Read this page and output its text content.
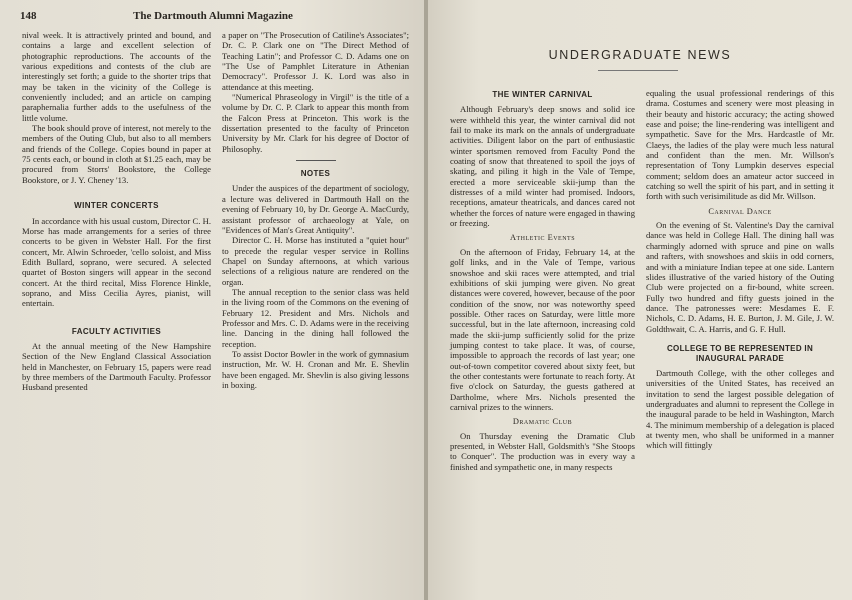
148	The Dartmouth Alumni Magazine

nival week. It is attractively printed and bound, and contains a large and excellent selection of photographic reproductions. The accounts of the various expeditions and contests of the club are interestingly set forth; a guide to the shorter trips that may be taken in the vicinity of the College is conveniently included; and an article on camping paraphernalia further adds to the usefulness of the little volume.

The book should prove of interest, not merely to the members of the Outing Club, but also to all members and friends of the College. Copies bound in paper at 75 cents each, or bound in cloth at $1.25 each, may be procured from Storrs' Bookstore, the College Bookstore, or J. Y. Cheney '13.

WINTER CONCERTS

In accordance with his usual custom, Director C. H. Morse has made arrangements for a series of three concerts to be given in Webster Hall. For the first concert, Mr. Alwin Schroeder, 'cello soloist, and Miss Edith Bullard, soprano, were secured. A selected quartet of Boston singers will appear in the second concert. At the third recital, Miss Florence Hinkle, soprano, and Miss Cecilia Ayres, pianist, will entertain.

FACULTY ACTIVITIES

At the annual meeting of the New Hampshire Section of the New England Classical Association held in Manchester, on February 15, papers were read by three members of the Dartmouth Faculty. Professor Husband presented

a paper on "The Prosecution of Catiline's Associates"; Dr. C. P. Clark one on "The Direct Method of Teaching Latin"; and Professor C. D. Adams one on "The Use of Pamphlet Literature in Athenian Democracy". Professor J. K. Lord was also in attendance at this meeting.

"Numerical Phraseology in Virgil" is the title of a volume by Dr. C. P. Clark to appear this month from the Falcon Press at Princeton. This work is the dissertation presented to the faculty of Princeton University by Mr. Clark for his degree of Doctor of Philosophy.

NOTES

Under the auspices of the department of sociology, a lecture was delivered in Dartmouth Hall on the evening of February 10, by Dr. George A. MacCurdy, assistant professor of archaeology at Yale, on "Evidences of Man's Great Antiquity".

Director C. H. Morse has instituted a "quiet hour" to precede the regular vesper service in Rollins Chapel on Sunday afternoons, at which various selections of a religious nature are rendered on the organ.

The annual reception to the senior class was held in the living room of the Commons on the evening of February 12. President and Mrs. Nichols and Professor and Mrs. C. D. Adams were in the receiving line. Dancing in the dining hall followed the reception.

To assist Doctor Bowler in the work of gymnasium instruction, Mr. W. H. Cronan and Mr. E. Shevlin have been engaged. Mr. Shevlin is also giving lessons in boxing.

UNDERGRADUATE NEWS
THE WINTER CARNIVAL

Although February's deep snows and solid ice were withheld this year, the winter carnival did not fail to make its mark on the annals of undergraduate activities. Diligent labor on the part of enthusiastic winter sportsmen removed from Faculty Pond the coating of snow that threatened to spoil the joys of skating, and piling it high in the Vale of Tempe, erected a more serviceable skii-jump than the distresses of a mild winter had promised. Indoors, receptions, amateur theatricals, and dances cared not whether the forces of nature were engaged in thawing or freezing.

Athletic Events

On the afternoon of Friday, February 14, at the golf links, and in the Vale of Tempe, various snowshoe and skii races were attempted, and trial exhibitions of skii jumping were given. No great distances were covered, however, because of the poor condition of the snow, nor was noteworthy speed possible. Other races on Saturday, were little more successful, but in the late afternoon, increasing cold made the skii-jump sufficiently solid for the prize jumping contest to take place. It was, of course, impossible to approach the records of last year; one out-of-town competitor covered about sixty feet, but the other contestants were fortunate to reach forty. At five o'clock on Saturday, the guests gathered at Dartholme, where Mrs. Nichols presented the carnival prizes to the winners.

Dramatic Club

On Thursday evening the Dramatic Club presented, in Webster Hall, Goldsmith's "She Stoops to Conquer". The production was in every way a finished and sympathetic one, in many respects

equaling the usual professional renderings of this drama. Costumes and scenery were most pleasing in their beauty and historic accuracy; the acting showed ease and poise; the line-rendering was intelligent and sympathetic. Save for the Mrs. Hardcastle of Mr. Claeys, the ladies of the play were much less natural and confident than the men. Mr. Willson's representation of Tony Lumpkin deserves especial comment; seldom does an amateur actor succeed in catching so well the spirit of his part, and in setting it forth with such verisimilitude as did Mr. Willson.

Carnival Dance

On the evening of St. Valentine's Day the carnival dance was held in College Hall. The dining hall was charmingly adorned with spruce and pine on walls and rafters, with snowshoes and skiis in odd corners, and with a miniature Indian tepee at one side. Lantern slides illustrative of the varied history of the Outing Club were projected on a fir-bound, white screen. Fully two hundred and fifty guests joined in the dance. The patronesses were: Mesdames E. F. Nichols, C. D. Adams, H. E. Burton, J. M. Gile, J. W. Goldthwait, C. A. Harris, and G. F. Hull.

COLLEGE TO BE REPRESENTED IN INAUGURAL PARADE

Dartmouth College, with the other colleges and universities of the United States, has received an invitation to send the largest possible delegation of undergraduates and alumni to represent the College in the inaugural parade to be held in Washington, March 4. The minimum membership of a delegation is placed at twenty men, who shall be uniformed in a manner which will fittingly
